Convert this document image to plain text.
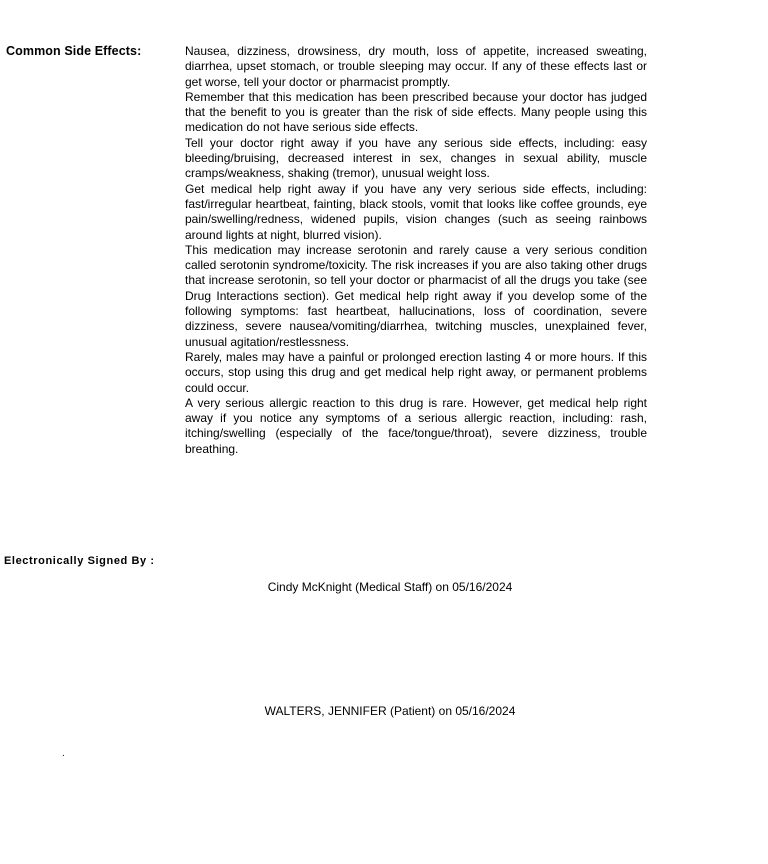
Common Side Effects:	Nausea, dizziness, drowsiness, dry mouth, loss of appetite, increased sweating, diarrhea, upset stomach, or trouble sleeping may occur. If any of these effects last or get worse, tell your doctor or pharmacist promptly.

Remember that this medication has been prescribed because your doctor has judged that the benefit to you is greater than the risk of side effects. Many people using this medication do not have serious side effects.

Tell your doctor right away if you have any serious side effects, including: easy bleeding/bruising, decreased interest in sex, changes in sexual ability, muscle cramps/weakness, shaking (tremor), unusual weight loss.

Get medical help right away if you have any very serious side effects, including: fast/irregular heartbeat, fainting, black stools, vomit that looks like coffee grounds, eye pain/swelling/redness, widened pupils, vision changes (such as seeing rainbows around lights at night, blurred vision).

This medication may increase serotonin and rarely cause a very serious condition called serotonin syndrome/toxicity. The risk increases if you are also taking other drugs that increase serotonin, so tell your doctor or pharmacist of all the drugs you take (see Drug Interactions section). Get medical help right away if you develop some of the following symptoms: fast heartbeat, hallucinations, loss of coordination, severe dizziness, severe nausea/vomiting/diarrhea, twitching muscles, unexplained fever, unusual agitation/restlessness.

Rarely, males may have a painful or prolonged erection lasting 4 or more hours. If this occurs, stop using this drug and get medical help right away, or permanent problems could occur.

A very serious allergic reaction to this drug is rare. However, get medical help right away if you notice any symptoms of a serious allergic reaction, including: rash, itching/swelling (especially of the face/tongue/throat), severe dizziness, trouble breathing.

Electronically Signed By :
Cindy McKnight (Medical Staff) on 05/16/2024
WALTERS, JENNIFER (Patient) on 05/16/2024
.
